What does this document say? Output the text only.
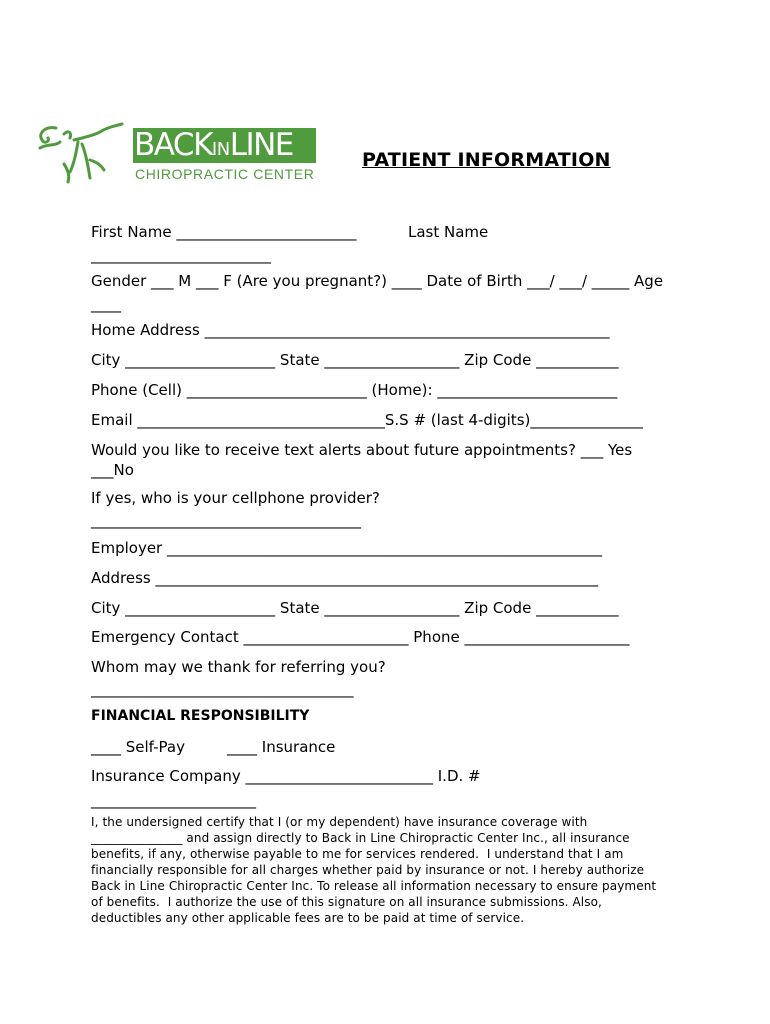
BACKINLINE
CHIROPRACTIC CENTER
PATIENT INFORMATION
First Name ________________________	Last Name
________________________
Gender ___ M ___ F (Are you pregnant?) ____ Date of Birth ___/ ___/ _____ Age
____
Home Address ______________________________________________________
City ____________________ State __________________ Zip Code ___________
Phone (Cell) ________________________ (Home): ________________________
Email _________________________________S.S # (last 4-digits)_______________
Would you like to receive text alerts about future appointments? ___ Yes
___No
If yes, who is your cellphone provider?
____________________________________
Employer __________________________________________________________
Address ___________________________________________________________
City ____________________ State __________________ Zip Code ___________
Emergency Contact ______________________ Phone ______________________
Whom may we thank for referring you?
___________________________________
FINANCIAL RESPONSIBILITY
____ Self-Pay	____ Insurance
Insurance Company _________________________ I.D. #
______________________
I, the undersigned certify that I (or my dependent) have insurance coverage with
_______________ and assign directly to Back in Line Chiropractic Center Inc., all insurance
benefits, if any, otherwise payable to me for services rendered.  I understand that I am
financially responsible for all charges whether paid by insurance or not. I hereby authorize
Back in Line Chiropractic Center Inc. To release all information necessary to ensure payment
of benefits.  I authorize the use of this signature on all insurance submissions. Also,
deductibles any other applicable fees are to be paid at time of service.
